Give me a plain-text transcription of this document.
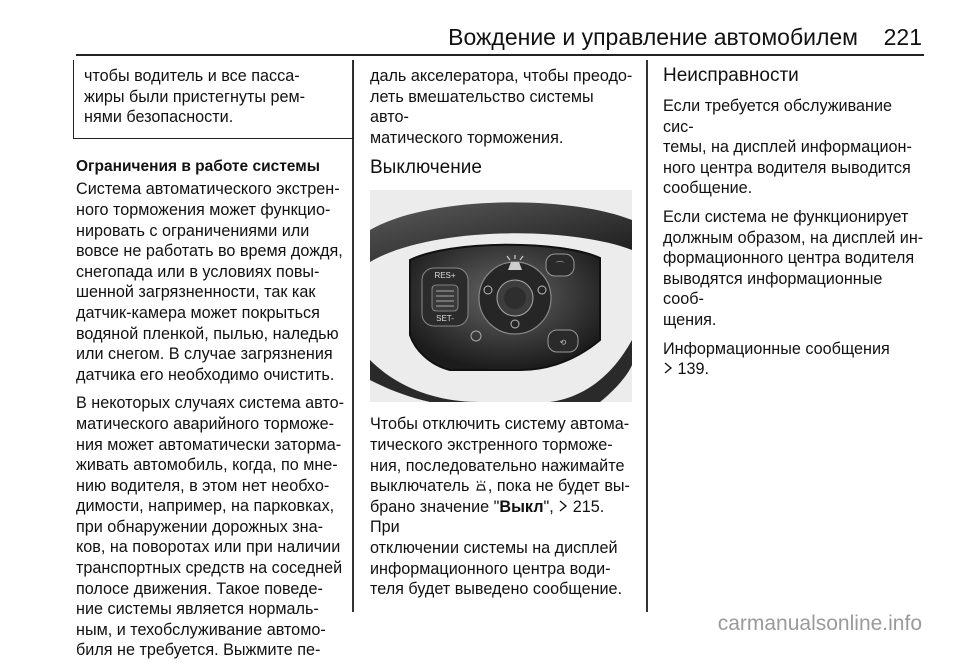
Вождение и управление автомобилем 221
чтобы водитель и все пасса-
жиры были пристегнуты рем-
нями безопасности.
Ограничения в работе системы

Система автоматического экстрен-
ного торможения может функцио-
нировать с ограничениями или
вовсе не работать во время дождя,
снегопада или в условиях повы-
шенной загрязненности, так как
датчик-камера может покрыться
водяной пленкой, пылью, наледью
или снегом. В случае загрязнения
датчика его необходимо очистить.

В некоторых случаях система авто-
матического аварийного торможе-
ния может автоматически заторма-
живать автомобиль, когда, по мне-
нию водителя, в этом нет необхо-
димости, например, на парковках,
при обнаружении дорожных зна-
ков, на поворотах или при наличии
транспортных средств на соседней
полосе движения. Такое поведе-
ние системы является нормаль-
ным, и техобслуживание автомо-
биля не требуется. Выжмите пе-

даль акселератора, чтобы преодо-
леть вмешательство системы авто-
матического торможения.

Выключение
RES+
SET-
⌒
⟲

Чтобы отключить систему автома-
тического экстренного торможе-
ния, последовательно нажимайте
выключатель , пока не будет вы-
брано значение "Выкл",  215. При
отключении системы на дисплей
информационного центра води-
теля будет выведено сообщение.

Неисправности

Если требуется обслуживание сис-
темы, на дисплей информацион-
ного центра водителя выводится
сообщение.

Если система не функционирует
должным образом, на дисплей ин-
формационного центра водителя
выводятся информационные сооб-
щения.

Информационные сообщения
139.

carmanualsonline.info
